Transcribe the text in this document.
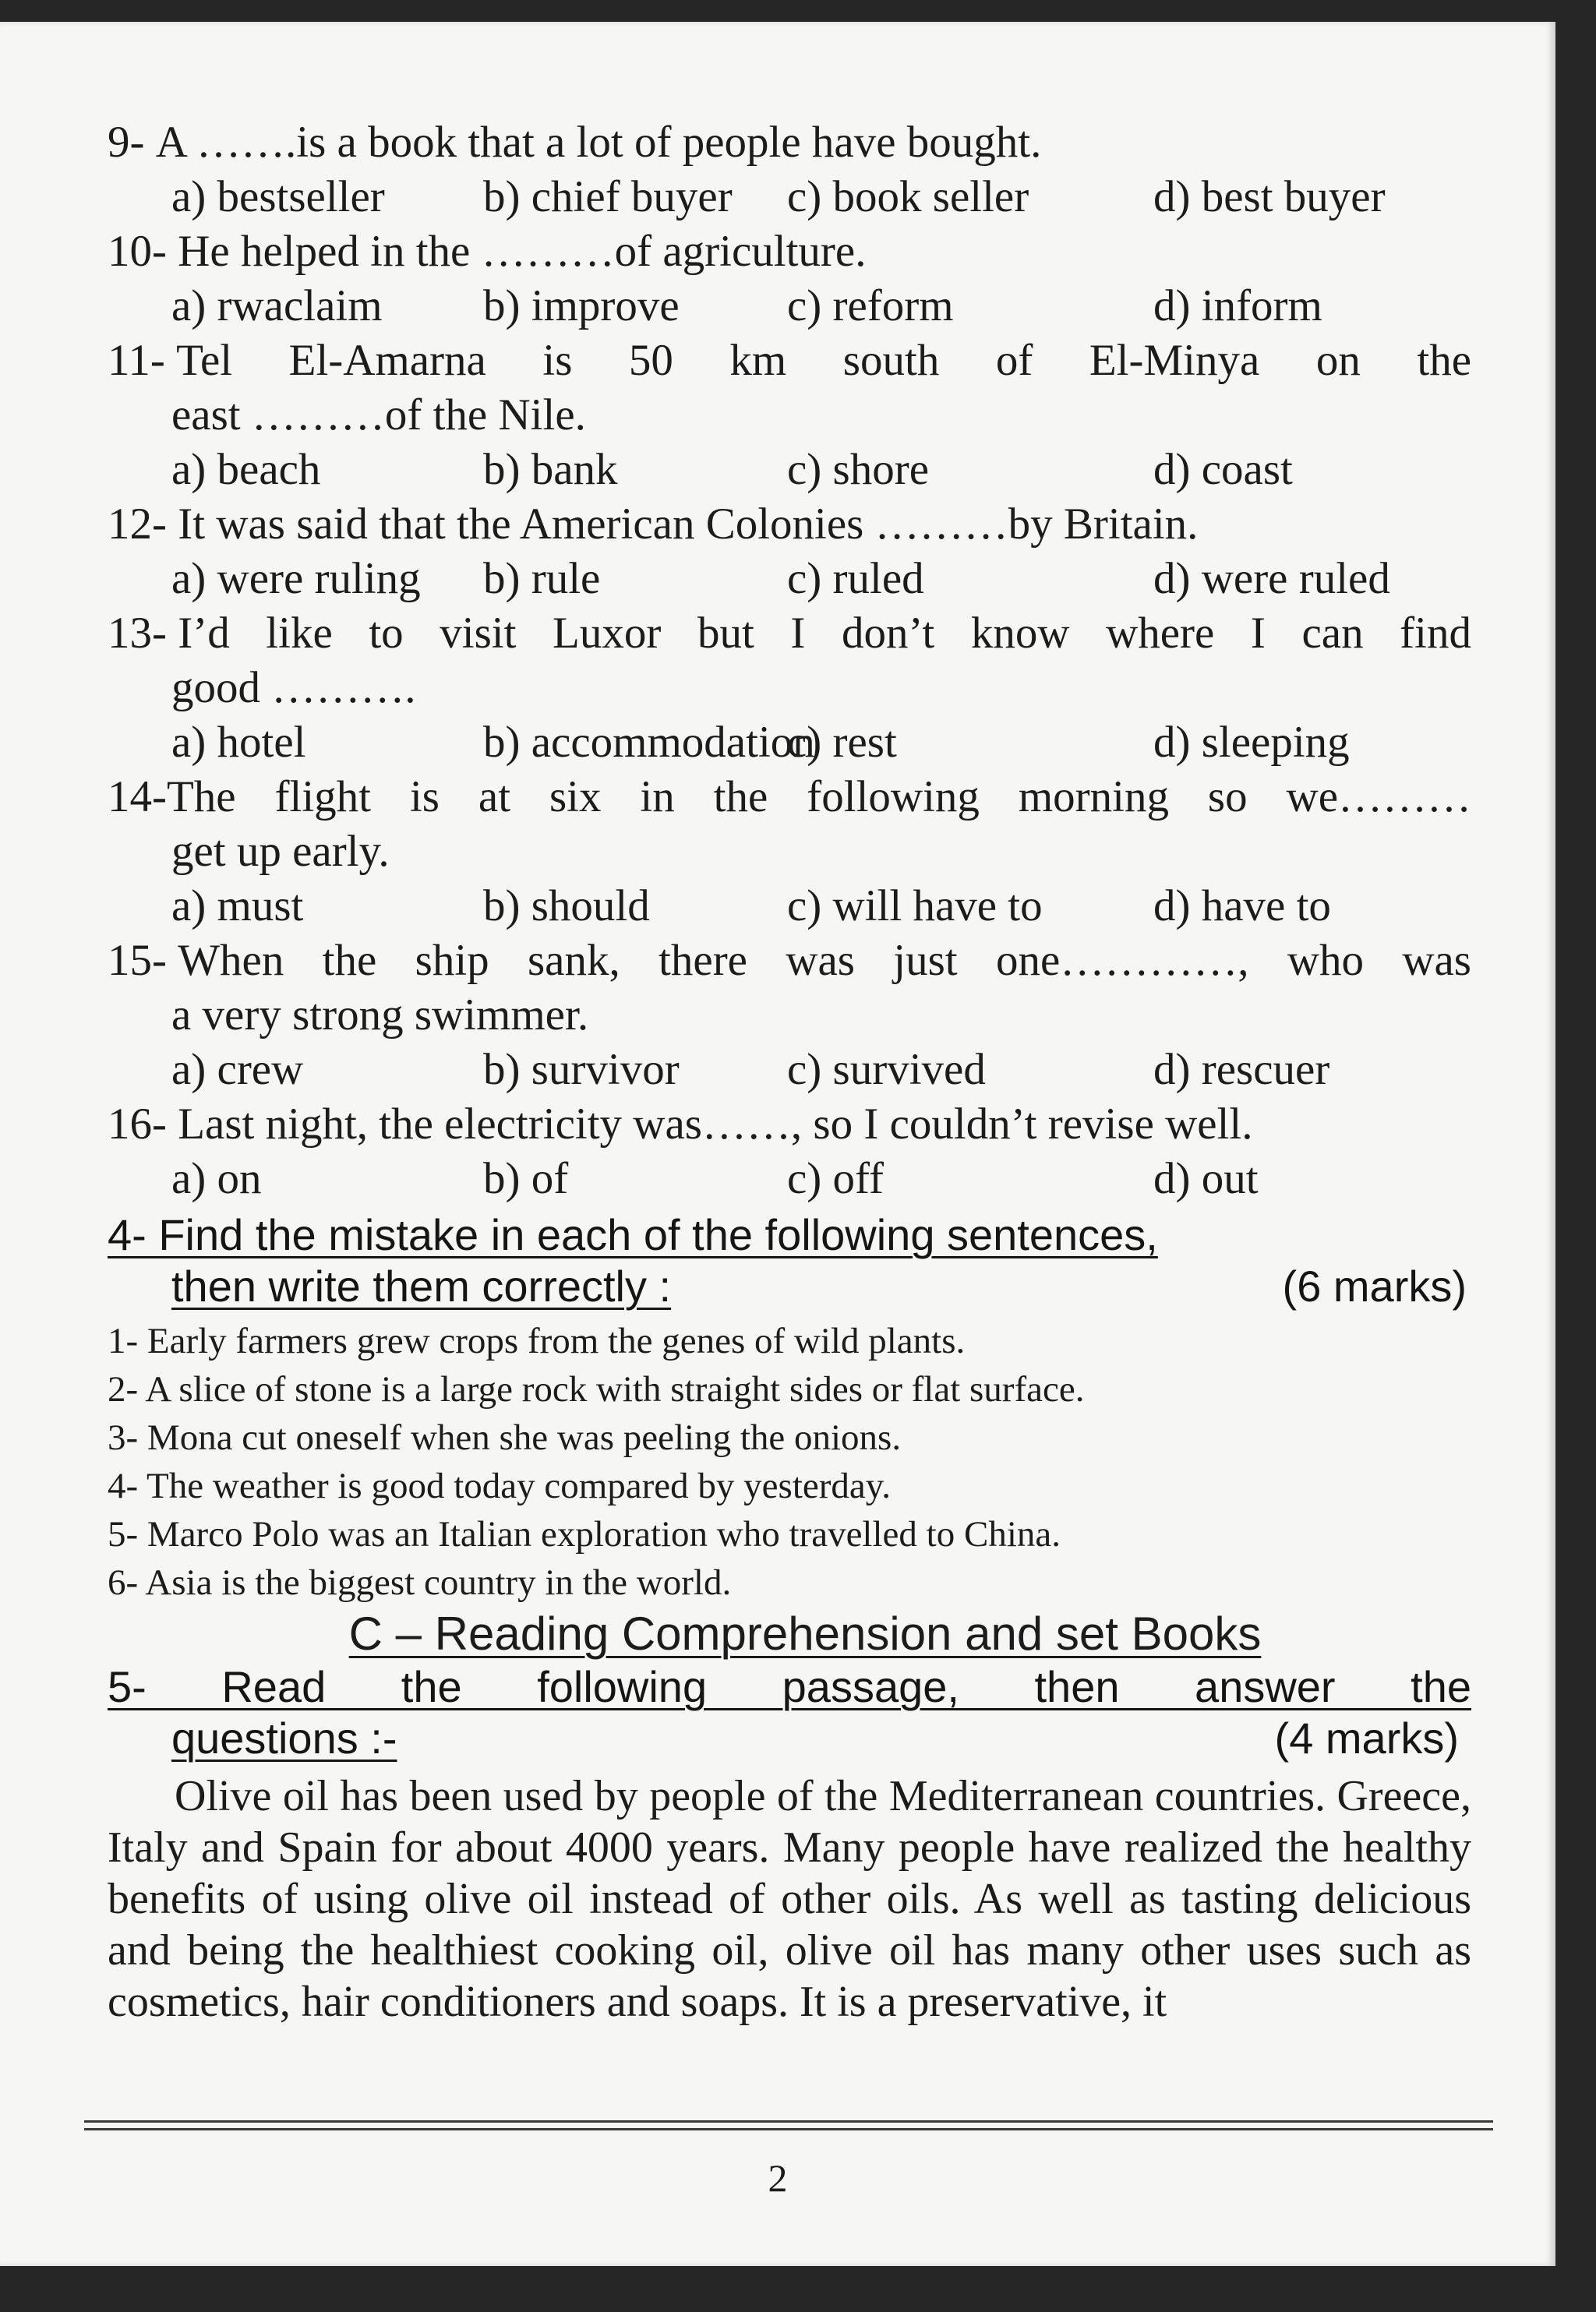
9- A …….is a book that a lot of people have bought.
a) bestseller	b) chief buyer	c) book seller	d) best buyer
10- He helped in the ………of agriculture.
a) rwaclaim	b) improve	c) reform	d) inform
11- Tel El-Amarna is 50 km south of El-Minya on the
east ………of the Nile.
a) beach	b) bank	c) shore	d) coast
12- It was said that the American Colonies ………by Britain.
a) were ruling	b) rule	c) ruled	d) were ruled
13- I’d like to visit Luxor but I don’t know where I can find
good ……….
a) hotel	b) accommodation
c) rest	d) sleeping
14- The flight is at six in the following morning so we………
get up early.
a) must	b) should	c) will have to	d) have to
15- When the ship sank, there was just one…………, who was
a very strong swimmer.
a) crew	b) survivor	c) survived	d) rescuer
16- Last night, the electricity was……, so I couldn’t revise well.
a) on	b) of	c) off	d) out
4- Find the mistake in each of the following sentences,
then write them correctly :	(6 marks)
1- Early farmers grew crops from the genes of wild plants.
2- A slice of stone is a large rock with straight sides or flat surface.
3- Mona cut oneself when she was peeling the onions.
4- The weather is good today compared by yesterday.
5- Marco Polo was an Italian exploration who travelled to China.
6- Asia is the biggest country in the world.
C – Reading Comprehension and set Books
5- Read the following passage, then answer the
questions :-	(4 marks)

Olive oil has been used by people of the Mediterranean countries. Greece, Italy and Spain for about 4000 years. Many people have realized the healthy benefits of using olive oil instead of other oils. As well as tasting delicious and being the healthiest cooking oil, olive oil has many other uses such as cosmetics, hair conditioners and soaps. It is a preservative, it

2
